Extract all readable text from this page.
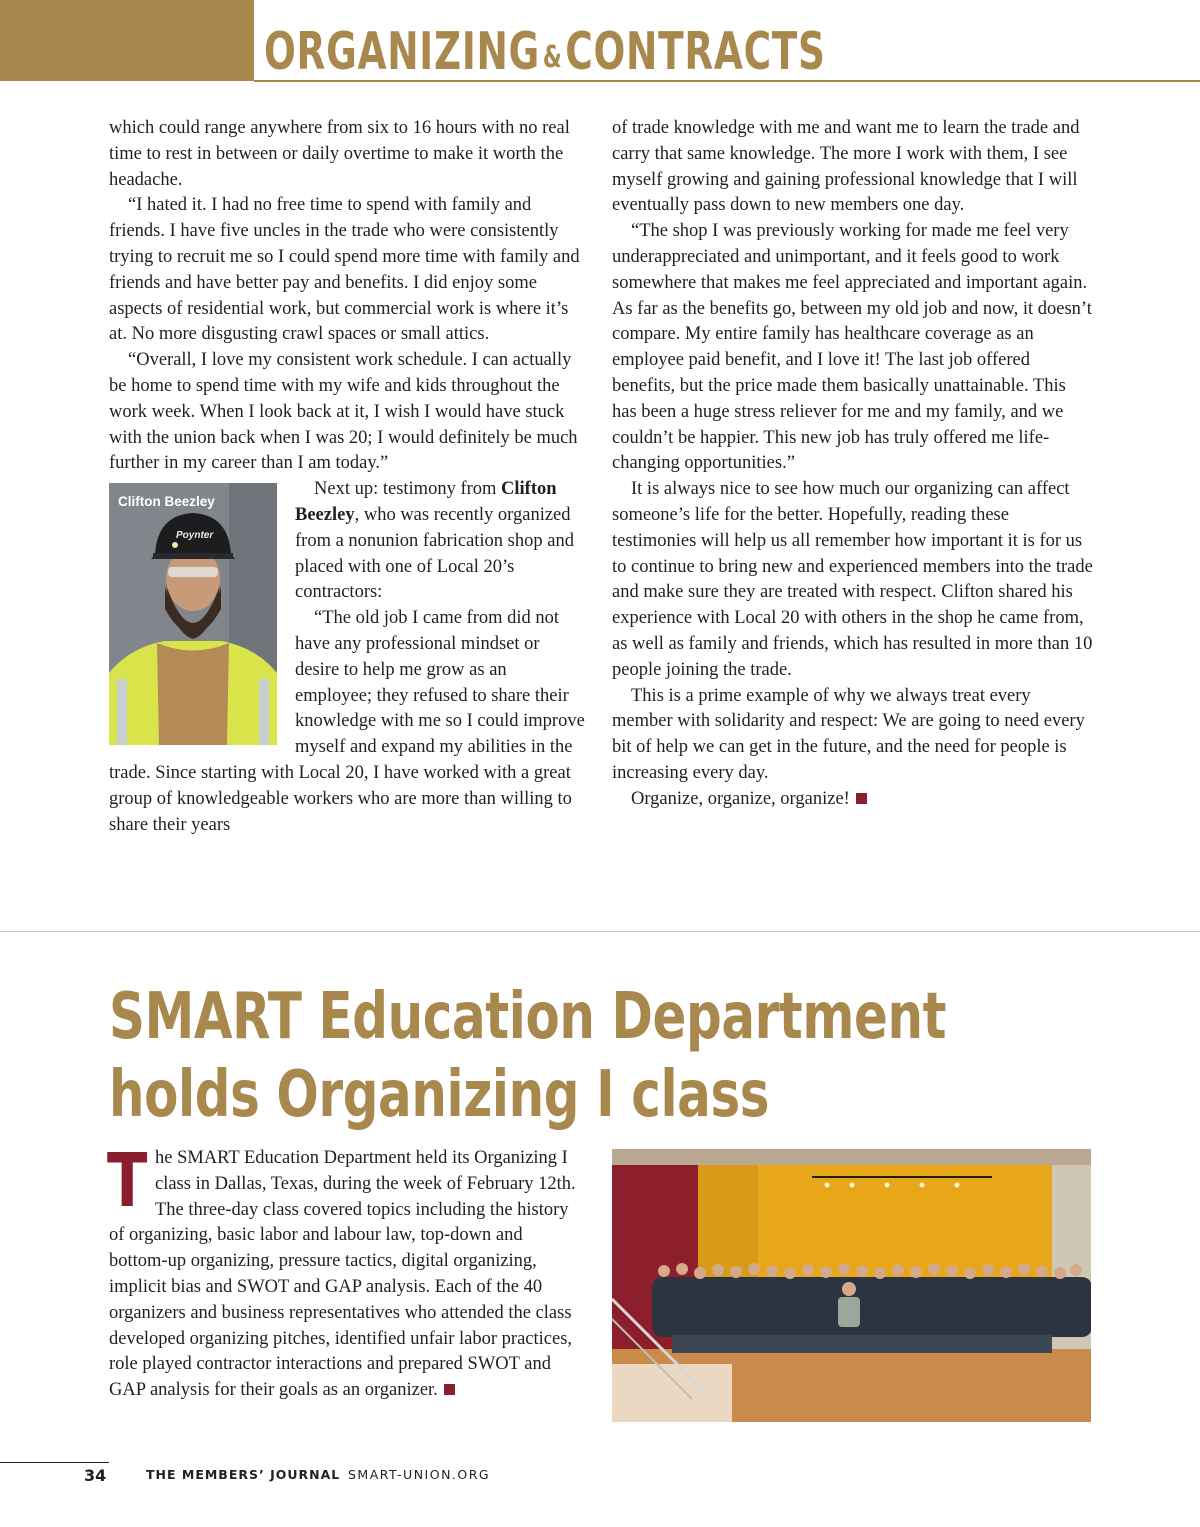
ORGANIZING&CONTRACTS

which could range anywhere from six to 16 hours with no real time to rest in between or daily overtime to make it worth the headache.

“I hated it. I had no free time to spend with family and friends. I have five uncles in the trade who were consistently trying to recruit me so I could spend more time with family and friends and have better pay and benefits. I did enjoy some aspects of residential work, but commercial work is where it’s at. No more disgusting crawl spaces or small attics.

“Overall, I love my consistent work schedule. I can actually be home to spend time with my wife and kids throughout the work week. When I look back at it, I wish I would have stuck with the union back when I was 20; I would definitely be much further in my career than I am today.”

Clifton Beezley
Poynter

Next up: testimony from Clifton Beezley, who was recently organized from a nonunion fabrication shop and placed with one of Local 20’s contractors:

“The old job I came from did not have any professional mindset or desire to help me grow as an employee; they refused to share their knowledge with me so I could improve myself and expand my abilities in the trade. Since starting with Local 20, I have worked with a great group of knowledgeable workers who are more than willing to share their years

of trade knowledge with me and want me to learn the trade and carry that same knowledge. The more I work with them, I see myself growing and gaining professional knowledge that I will eventually pass down to new members one day.

“The shop I was previously working for made me feel very underappreciated and unimportant, and it feels good to work somewhere that makes me feel appreciated and important again. As far as the benefits go, between my old job and now, it doesn’t compare. My entire family has healthcare coverage as an employee paid benefit, and I love it! The last job offered benefits, but the price made them basically unattainable. This has been a huge stress reliever for me and my family, and we couldn’t be happier. This new job has truly offered me life-changing opportunities.”

It is always nice to see how much our organizing can affect someone’s life for the better. Hopefully, reading these testimonies will help us all remember how important it is for us to continue to bring new and experienced members into the trade and make sure they are treated with respect. Clifton shared his experience with Local 20 with others in the shop he came from, as well as family and friends, which has resulted in more than 10 people joining the trade.

This is a prime example of why we always treat every member with solidarity and respect: We are going to need every bit of help we can get in the future, and the need for people is increasing every day.

Organize, organize, organize!

SMART Education Department
holds Organizing I class

The SMART Education Department held its Organizing I class in Dallas, Texas, during the week of February 12th. The three-day class covered topics including the history of organizing, basic labor and labour law, top-down and bottom-up organizing, pressure tactics, digital organizing, implicit bias and SWOT and GAP analysis. Each of the 40 organizers and business representatives who attended the class developed organizing pitches, identified unfair labor practices, role played contractor interactions and prepared SWOT and GAP analysis for their goals as an organizer.

34	THE MEMBERS’ JOURNAL SMART-UNION.ORG
